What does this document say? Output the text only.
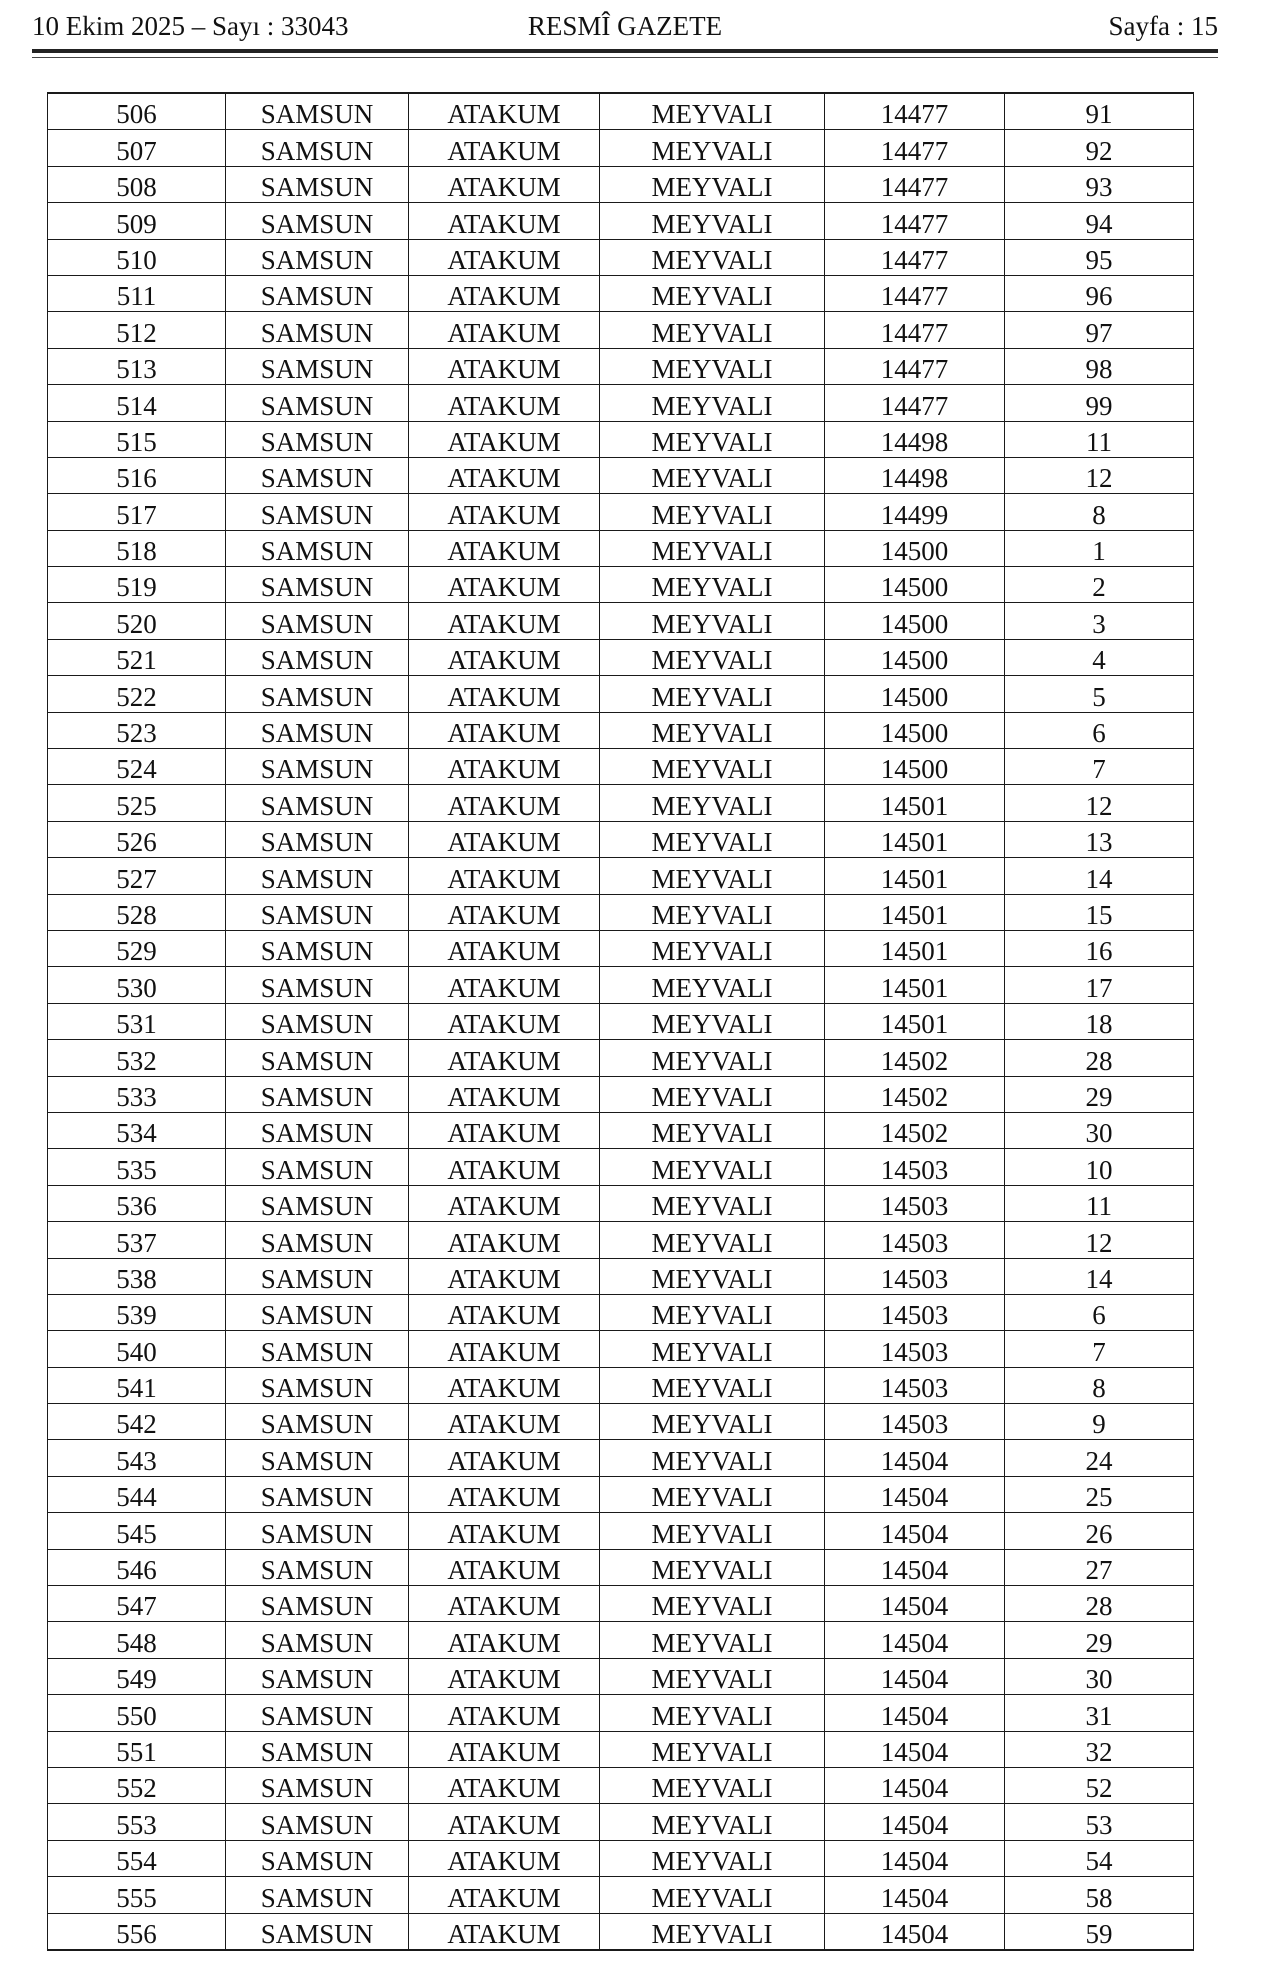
10 Ekim 2025 – Sayı : 33043	RESMÎ GAZETE	Sayfa : 15
506	SAMSUN	ATAKUM	MEYVALI	14477	91
507	SAMSUN	ATAKUM	MEYVALI	14477	92
508	SAMSUN	ATAKUM	MEYVALI	14477	93
509	SAMSUN	ATAKUM	MEYVALI	14477	94
510	SAMSUN	ATAKUM	MEYVALI	14477	95
511	SAMSUN	ATAKUM	MEYVALI	14477	96
512	SAMSUN	ATAKUM	MEYVALI	14477	97
513	SAMSUN	ATAKUM	MEYVALI	14477	98
514	SAMSUN	ATAKUM	MEYVALI	14477	99
515	SAMSUN	ATAKUM	MEYVALI	14498	11
516	SAMSUN	ATAKUM	MEYVALI	14498	12
517	SAMSUN	ATAKUM	MEYVALI	14499	8
518	SAMSUN	ATAKUM	MEYVALI	14500	1
519	SAMSUN	ATAKUM	MEYVALI	14500	2
520	SAMSUN	ATAKUM	MEYVALI	14500	3
521	SAMSUN	ATAKUM	MEYVALI	14500	4
522	SAMSUN	ATAKUM	MEYVALI	14500	5
523	SAMSUN	ATAKUM	MEYVALI	14500	6
524	SAMSUN	ATAKUM	MEYVALI	14500	7
525	SAMSUN	ATAKUM	MEYVALI	14501	12
526	SAMSUN	ATAKUM	MEYVALI	14501	13
527	SAMSUN	ATAKUM	MEYVALI	14501	14
528	SAMSUN	ATAKUM	MEYVALI	14501	15
529	SAMSUN	ATAKUM	MEYVALI	14501	16
530	SAMSUN	ATAKUM	MEYVALI	14501	17
531	SAMSUN	ATAKUM	MEYVALI	14501	18
532	SAMSUN	ATAKUM	MEYVALI	14502	28
533	SAMSUN	ATAKUM	MEYVALI	14502	29
534	SAMSUN	ATAKUM	MEYVALI	14502	30
535	SAMSUN	ATAKUM	MEYVALI	14503	10
536	SAMSUN	ATAKUM	MEYVALI	14503	11
537	SAMSUN	ATAKUM	MEYVALI	14503	12
538	SAMSUN	ATAKUM	MEYVALI	14503	14
539	SAMSUN	ATAKUM	MEYVALI	14503	6
540	SAMSUN	ATAKUM	MEYVALI	14503	7
541	SAMSUN	ATAKUM	MEYVALI	14503	8
542	SAMSUN	ATAKUM	MEYVALI	14503	9
543	SAMSUN	ATAKUM	MEYVALI	14504	24
544	SAMSUN	ATAKUM	MEYVALI	14504	25
545	SAMSUN	ATAKUM	MEYVALI	14504	26
546	SAMSUN	ATAKUM	MEYVALI	14504	27
547	SAMSUN	ATAKUM	MEYVALI	14504	28
548	SAMSUN	ATAKUM	MEYVALI	14504	29
549	SAMSUN	ATAKUM	MEYVALI	14504	30
550	SAMSUN	ATAKUM	MEYVALI	14504	31
551	SAMSUN	ATAKUM	MEYVALI	14504	32
552	SAMSUN	ATAKUM	MEYVALI	14504	52
553	SAMSUN	ATAKUM	MEYVALI	14504	53
554	SAMSUN	ATAKUM	MEYVALI	14504	54
555	SAMSUN	ATAKUM	MEYVALI	14504	58
556	SAMSUN	ATAKUM	MEYVALI	14504	59
